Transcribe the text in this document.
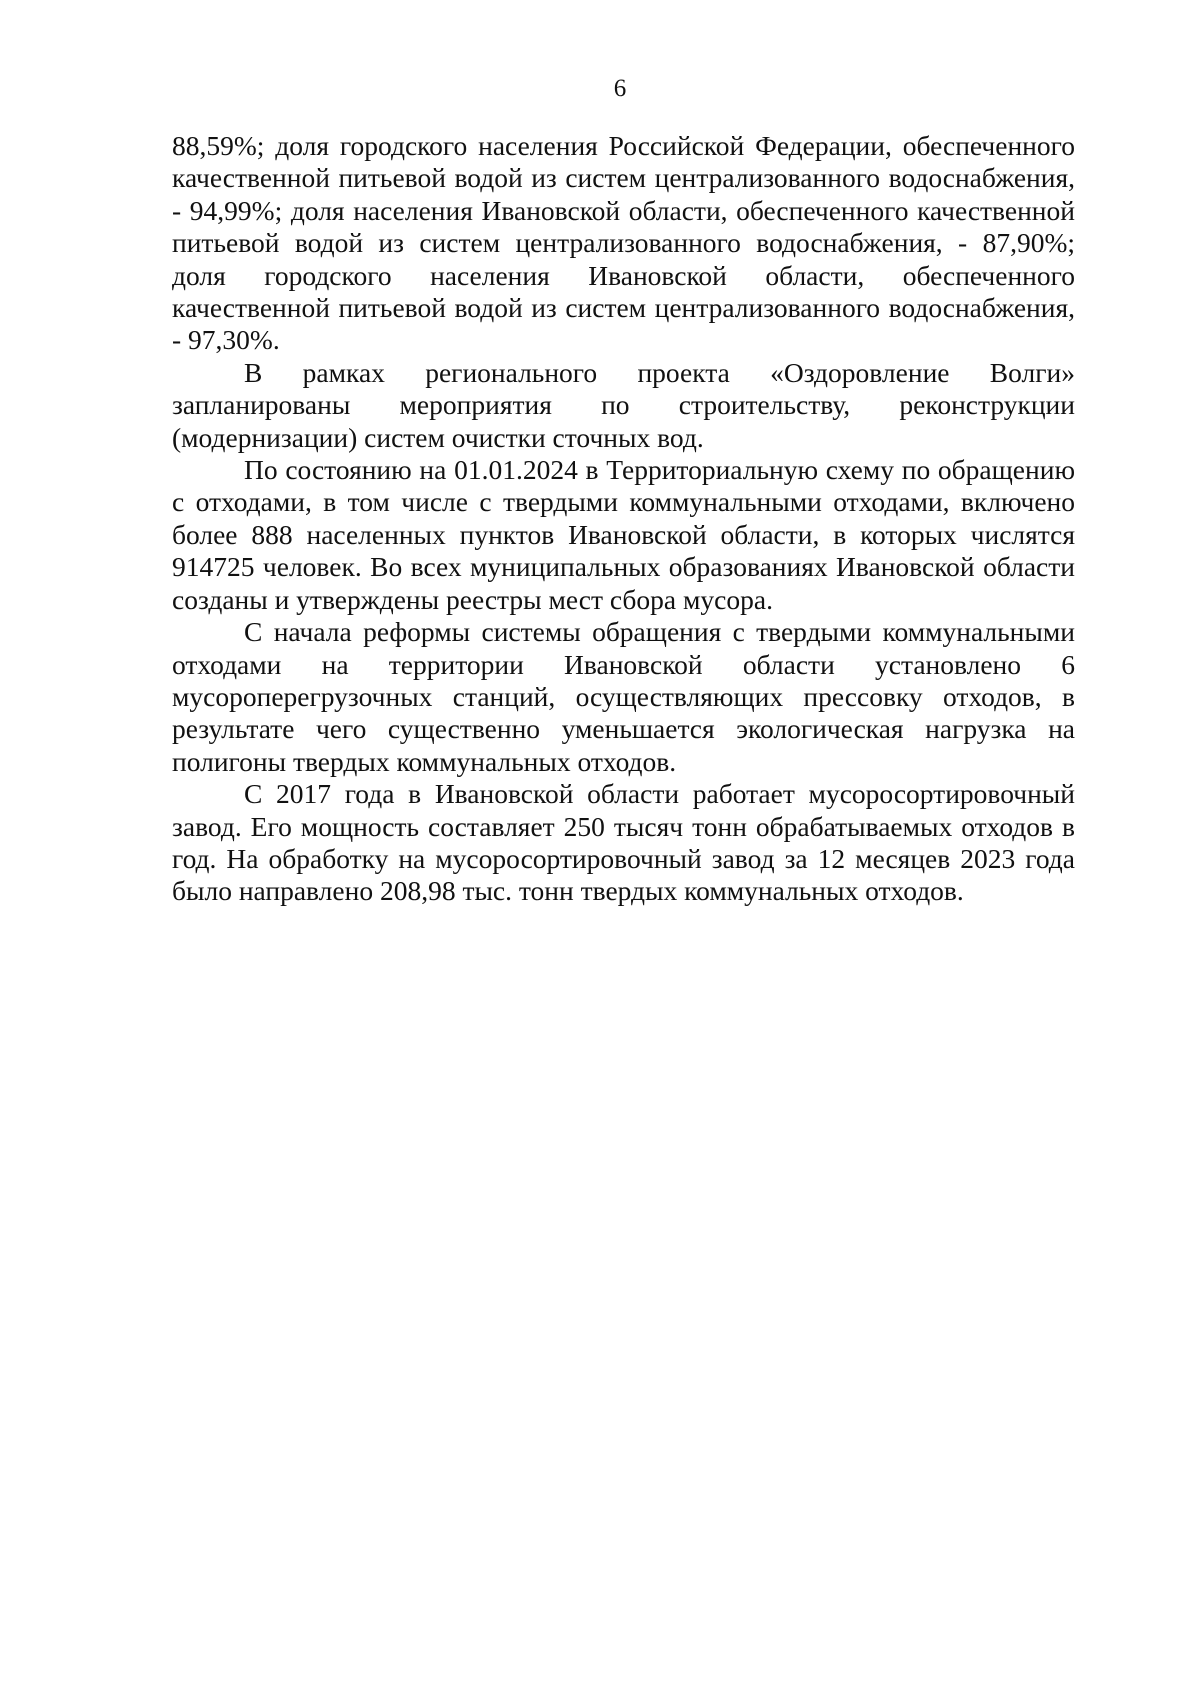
6

88,59%; доля городского населения Российской Федерации, обеспеченного качественной питьевой водой из систем централизованного водоснабжения, - 94,99%; доля населения Ивановской области, обеспеченного качественной питьевой водой из систем централизованного водоснабжения, - 87,90%; доля городского населения Ивановской области, обеспеченного качественной питьевой водой из систем централизованного водоснабжения, - 97,30%.

В рамках регионального проекта «Оздоровление Волги» запланированы мероприятия по строительству, реконструкции (модернизации) систем очистки сточных вод.

По состоянию на 01.01.2024 в Территориальную схему по обращению с отходами, в том числе с твердыми коммунальными отходами, включено более 888 населенных пунктов Ивановской области, в которых числятся 914725 человек. Во всех муниципальных образованиях Ивановской области созданы и утверждены реестры мест сбора мусора.

С начала реформы системы обращения с твердыми коммунальными отходами на территории Ивановской области установлено 6 мусороперегрузочных станций, осуществляющих прессовку отходов, в результате чего существенно уменьшается экологическая нагрузка на полигоны твердых коммунальных отходов.

С 2017 года в Ивановской области работает мусоросортировочный завод. Его мощность составляет 250 тысяч тонн обрабатываемых отходов в год. На обработку на мусоросортировочный завод за 12 месяцев 2023 года было направлено 208,98 тыс. тонн твердых коммунальных отходов.
